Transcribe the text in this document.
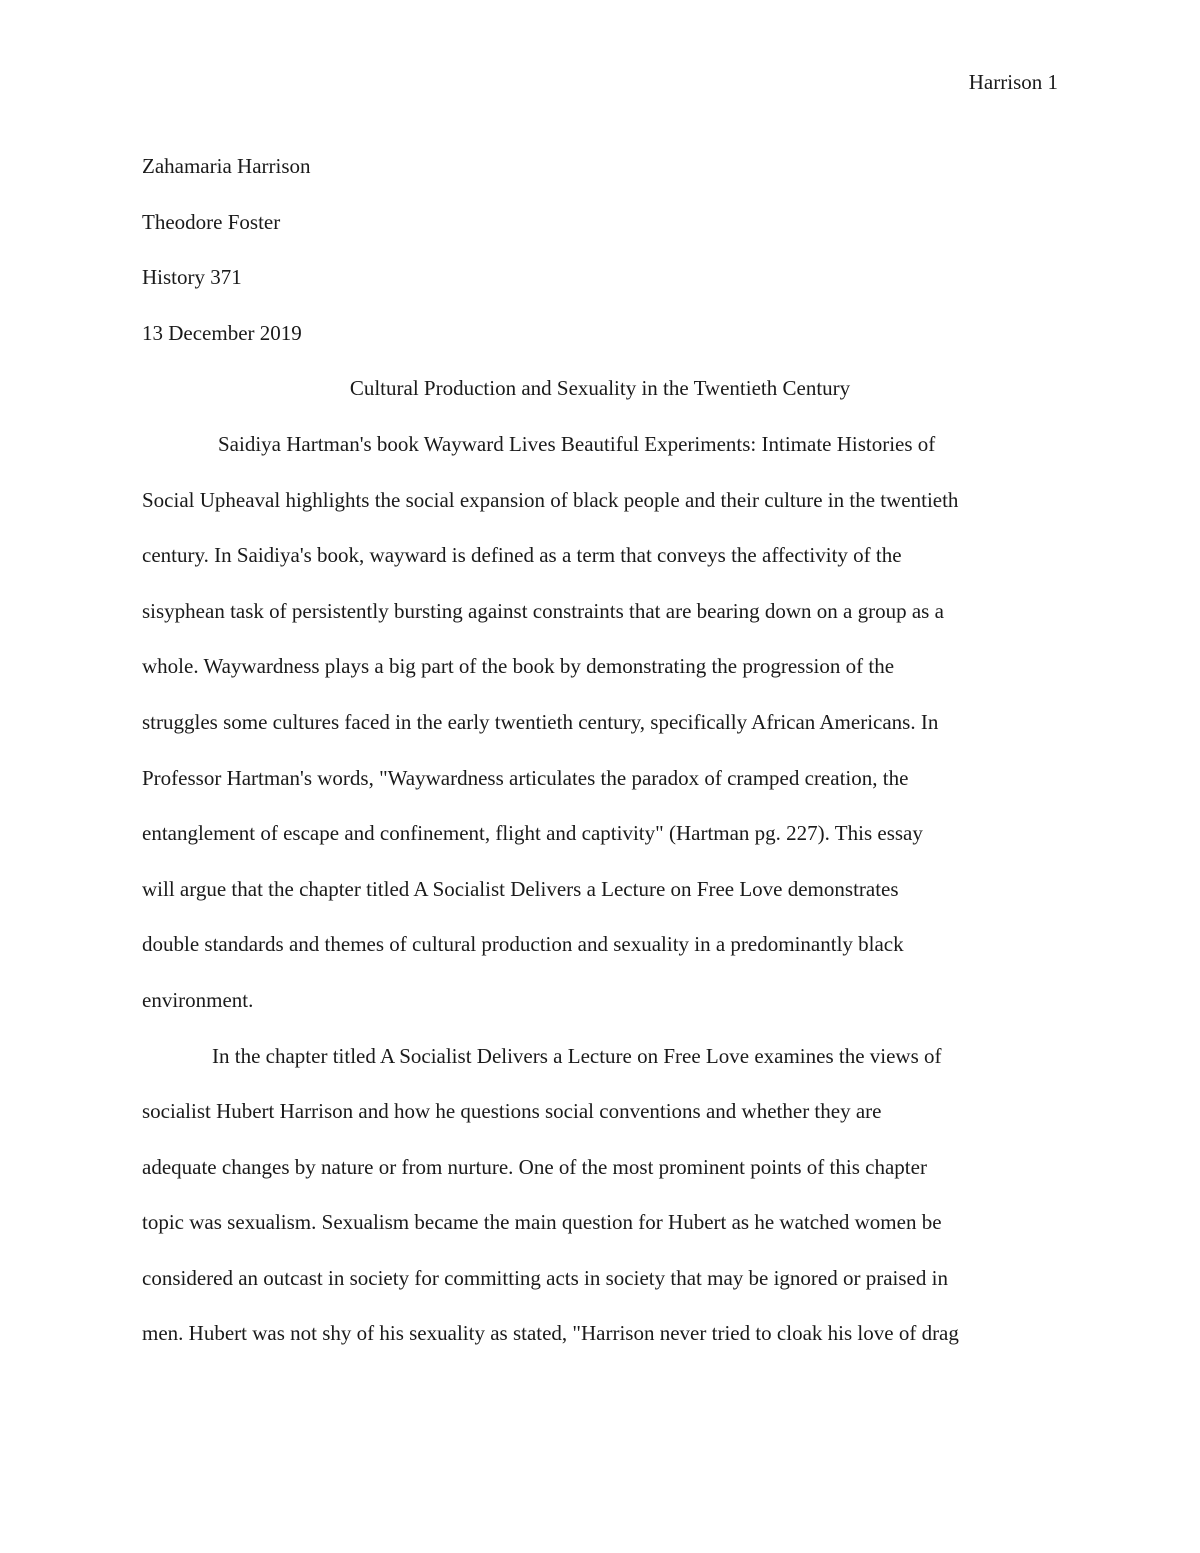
Harrison 1
Zahamaria Harrison
Theodore Foster
History 371
13 December 2019
Cultural Production and Sexuality in the Twentieth Century
Saidiya Hartman's book Wayward Lives Beautiful Experiments: Intimate Histories of
Social Upheaval highlights the social expansion of black people and their culture in the twentieth
century. In Saidiya's book, wayward is defined as a term that conveys the affectivity of the
sisyphean task of persistently bursting against constraints that are bearing down on a group as a
whole. Waywardness plays a big part of the book by demonstrating the progression of the
struggles some cultures faced in the early twentieth century, specifically African Americans. In
Professor Hartman's words, "Waywardness articulates the paradox of cramped creation, the
entanglement of escape and confinement, flight and captivity" (Hartman pg. 227). This essay
will argue that the chapter titled A Socialist Delivers a Lecture on Free Love demonstrates
double standards and themes of cultural production and sexuality in a predominantly black
environment.
In the chapter titled A Socialist Delivers a Lecture on Free Love examines the views of
socialist Hubert Harrison and how he questions social conventions and whether they are
adequate changes by nature or from nurture. One of the most prominent points of this chapter
topic was sexualism. Sexualism became the main question for Hubert as he watched women be
considered an outcast in society for committing acts in society that may be ignored or praised in
men. Hubert was not shy of his sexuality as stated, "Harrison never tried to cloak his love of drag
